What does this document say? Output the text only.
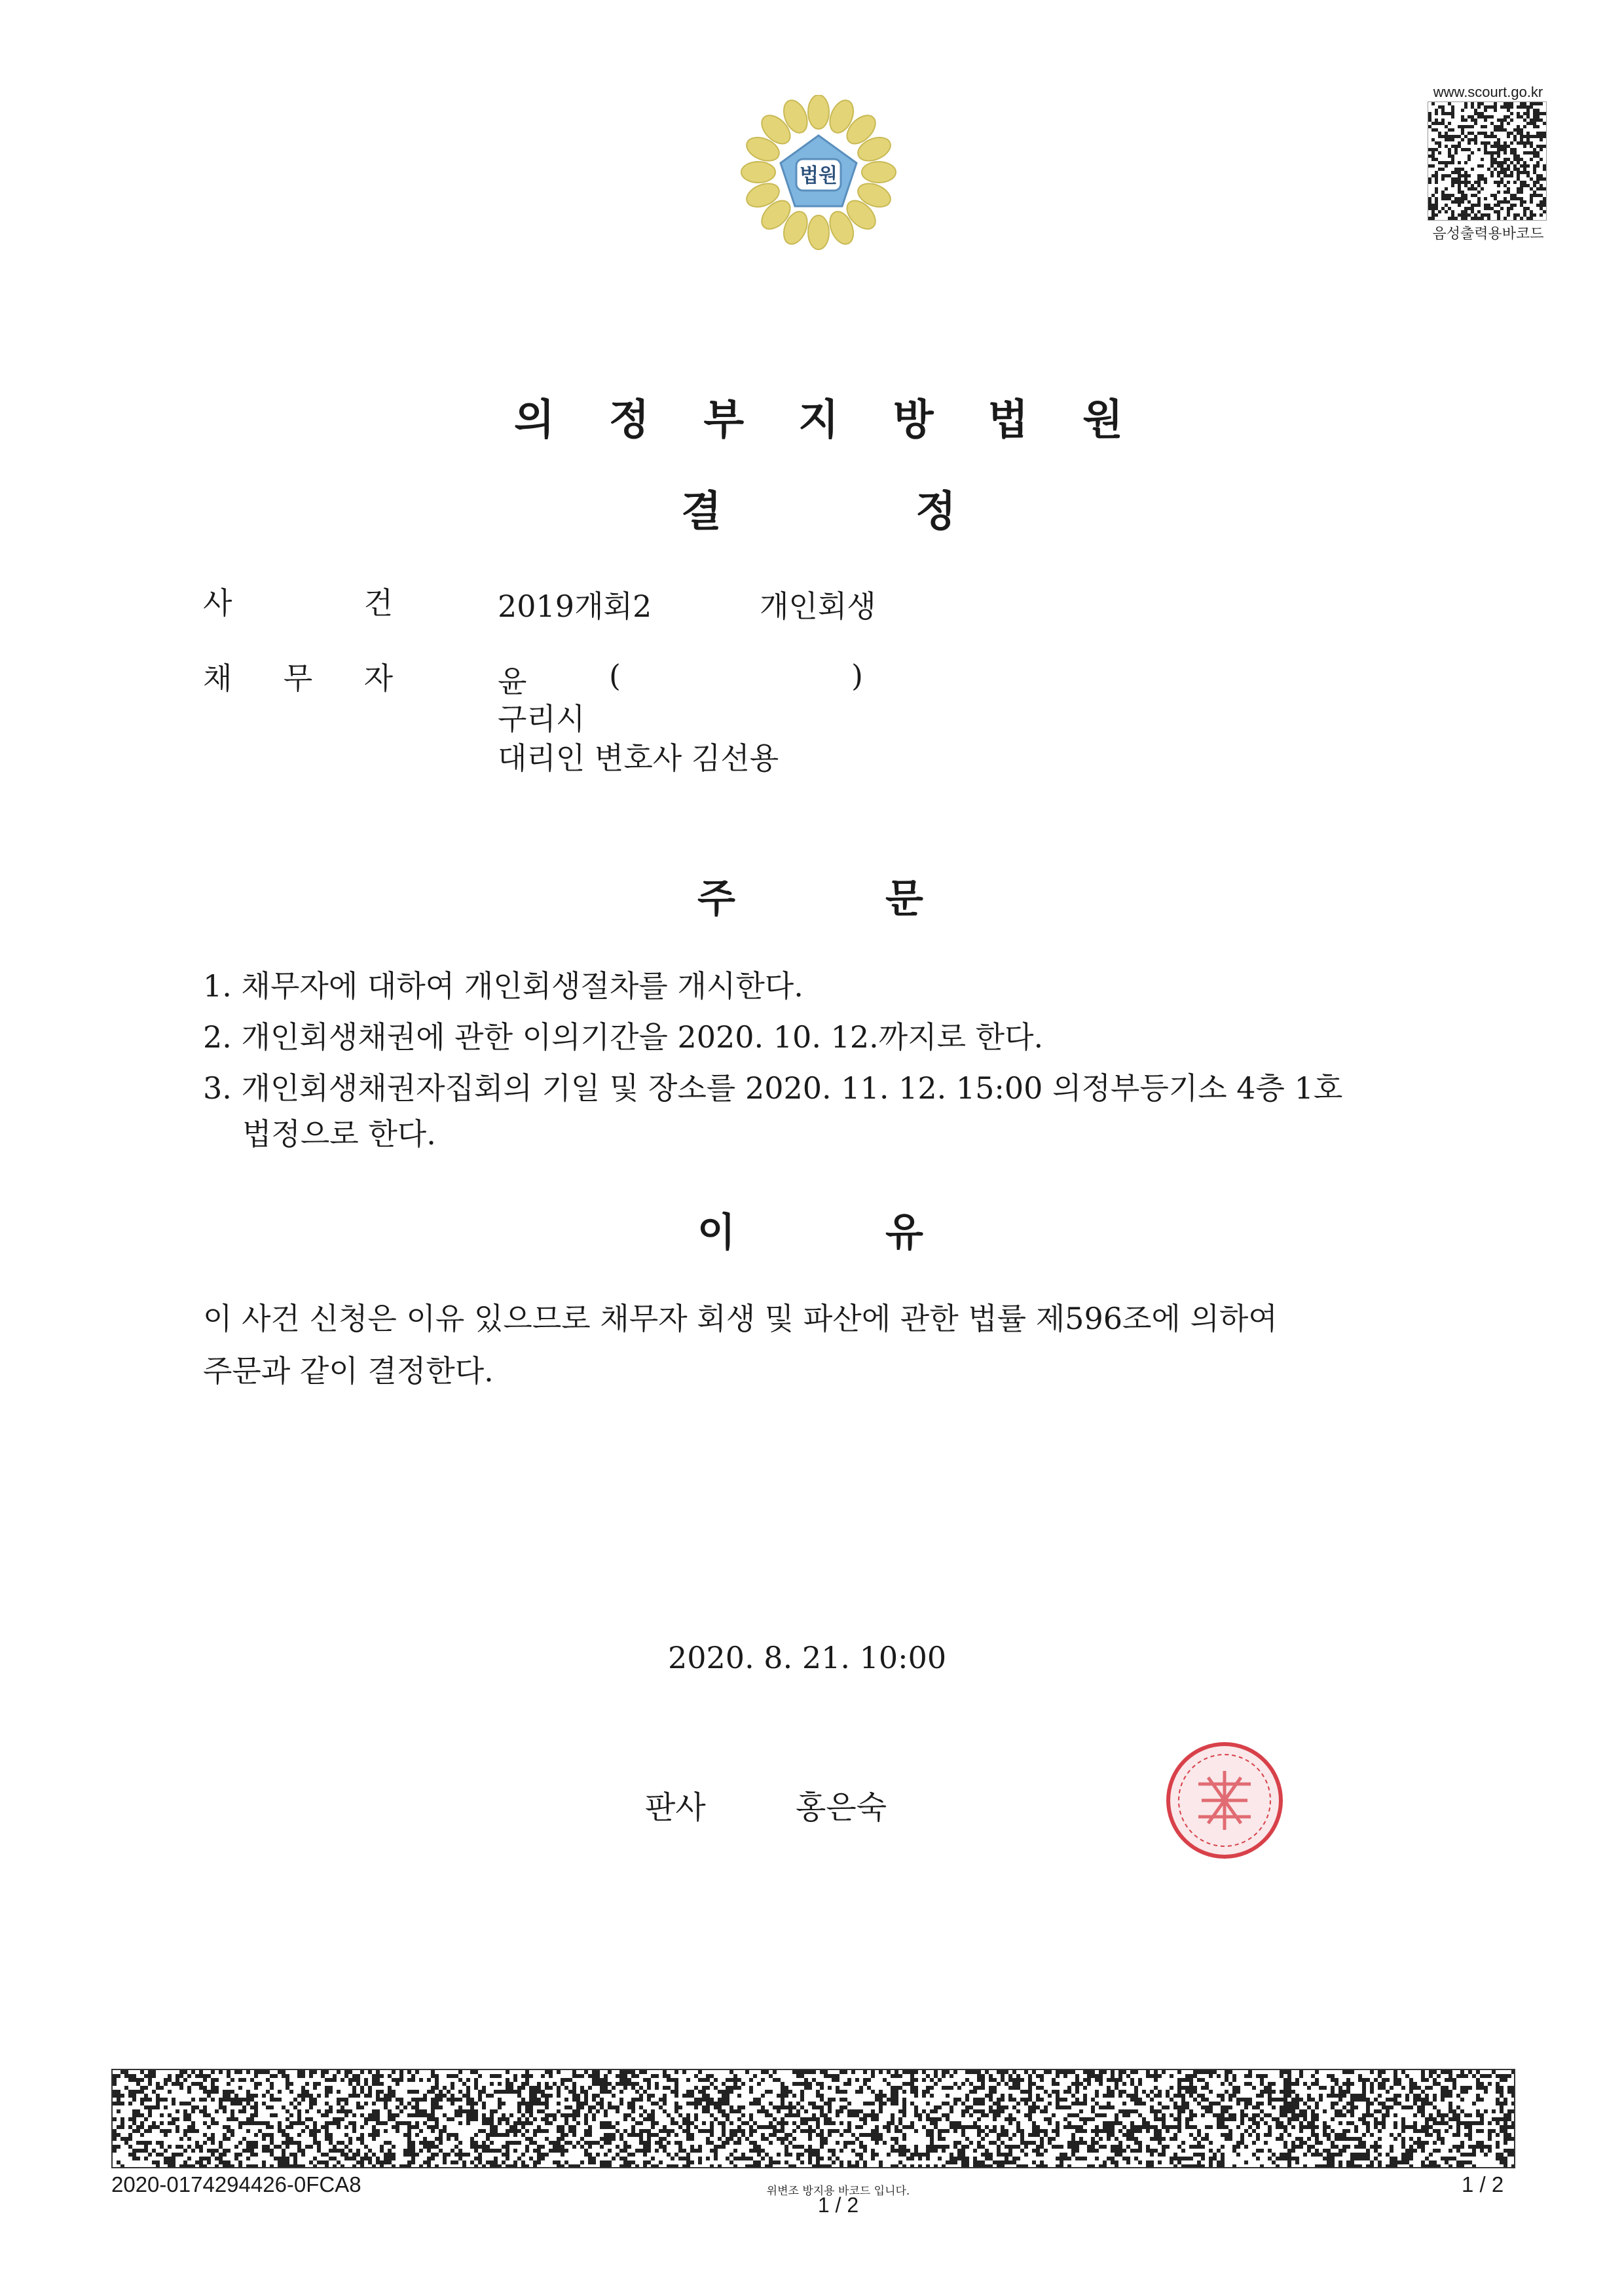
법원
www.scourt.go.kr
음성출력용바코드
의 정 부 지 방 법 원
결	정
사	건	2019개회2	개인회생
채 무 자	윤	(	)
구리시
대리인 변호사 김선용
주	문
1. 채무자에 대하여 개인회생절차를 개시한다.
2. 개인회생채권에 관한 이의기간을 2020. 10. 12.까지로 한다.
3. 개인회생채권자집회의 기일 및 장소를 2020. 11. 12. 15:00 의정부등기소 4층 1호
법정으로 한다.
이	유
이 사건 신청은 이유 있으므로 채무자 회생 및 파산에 관한 법률 제596조에 의하여
주문과 같이 결정한다.
2020. 8. 21. 10:00
판사	홍은숙
2020-0174294426-0FCA8	위변조 방지용 바코드 입니다.
1 / 2
1 / 2
